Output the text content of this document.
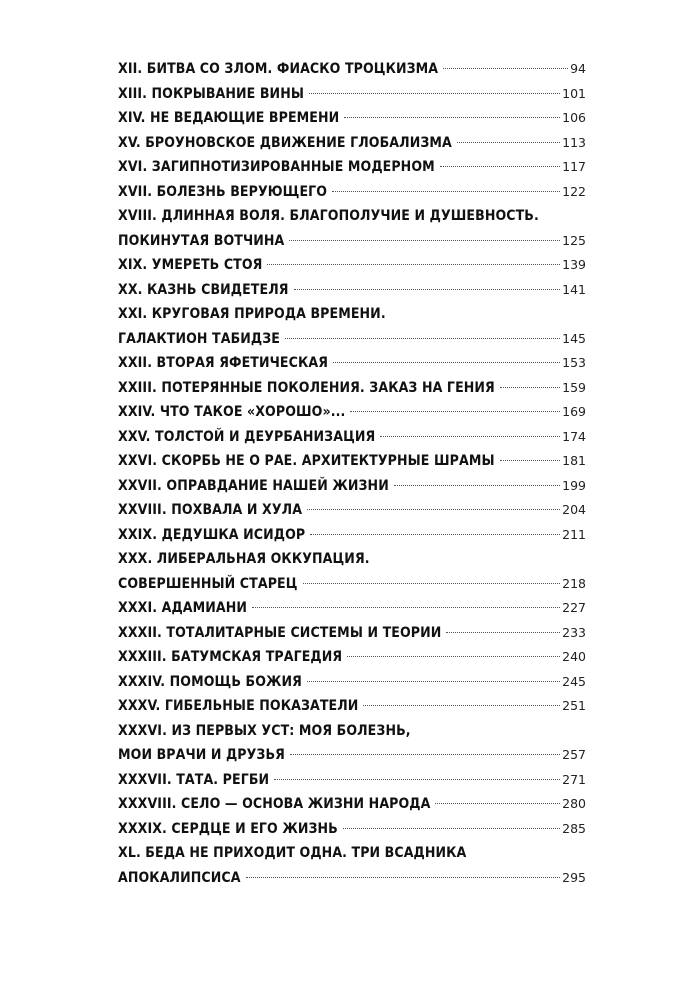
XII. БИТВА СО ЗЛОМ. ФИАСКО ТРОЦКИЗМА	94
XIII. ПОКРЫВАНИЕ ВИНЫ	101
XIV. НЕ ВЕДАЮЩИЕ ВРЕМЕНИ	106
XV. БРОУНОВСКОЕ ДВИЖЕНИЕ ГЛОБАЛИЗМА	113
XVI. ЗАГИПНОТИЗИРОВАННЫЕ МОДЕРНОМ	117
XVII. БОЛЕЗНЬ ВЕРУЮЩЕГО	122
XVIII. ДЛИННАЯ ВОЛЯ. БЛАГОПОЛУЧИЕ И ДУШЕВНОСТЬ.
ПОКИНУТАЯ ВОТЧИНА	125
XIX. УМЕРЕТЬ СТОЯ	139
XX. КАЗНЬ СВИДЕТЕЛЯ	141
XXI. КРУГОВАЯ ПРИРОДА ВРЕМЕНИ.
ГАЛАКТИОН ТАБИДЗЕ	145
XXII. ВТОРАЯ ЯФЕТИЧЕСКАЯ	153
XXIII. ПОТЕРЯННЫЕ ПОКОЛЕНИЯ. ЗАКАЗ НА ГЕНИЯ	159
XXIV. ЧТО ТАКОЕ «ХОРОШО»...	169
XXV. ТОЛСТОЙ И ДЕУРБАНИЗАЦИЯ	174
XXVI. СКОРБЬ НЕ О РАЕ. АРХИТЕКТУРНЫЕ ШРАМЫ	181
XXVII. ОПРАВДАНИЕ НАШЕЙ ЖИЗНИ	199
XXVIII. ПОХВАЛА И ХУЛА	204
XXIX. ДЕДУШКА ИСИДОР	211
XXX. ЛИБЕРАЛЬНАЯ ОККУПАЦИЯ.
СОВЕРШЕННЫЙ СТАРЕЦ	218
XXXI. АДАМИАНИ	227
XXXII. ТОТАЛИТАРНЫЕ СИСТЕМЫ И ТЕОРИИ	233
XXXIII. БАТУМСКАЯ ТРАГЕДИЯ	240
XXXIV. ПОМОЩЬ БОЖИЯ	245
XXXV. ГИБЕЛЬНЫЕ ПОКАЗАТЕЛИ	251
XXXVI. ИЗ ПЕРВЫХ УСТ: МОЯ БОЛЕЗНЬ,
МОИ ВРАЧИ И ДРУЗЬЯ	257
XXXVII. ТАТА. РЕГБИ	271
XXXVIII. СЕЛО — ОСНОВА ЖИЗНИ НАРОДА	280
XXXIX. СЕРДЦЕ И ЕГО ЖИЗНЬ	285
XL. БЕДА НЕ ПРИХОДИТ ОДНА. ТРИ ВСАДНИКА
АПОКАЛИПСИСА	295
